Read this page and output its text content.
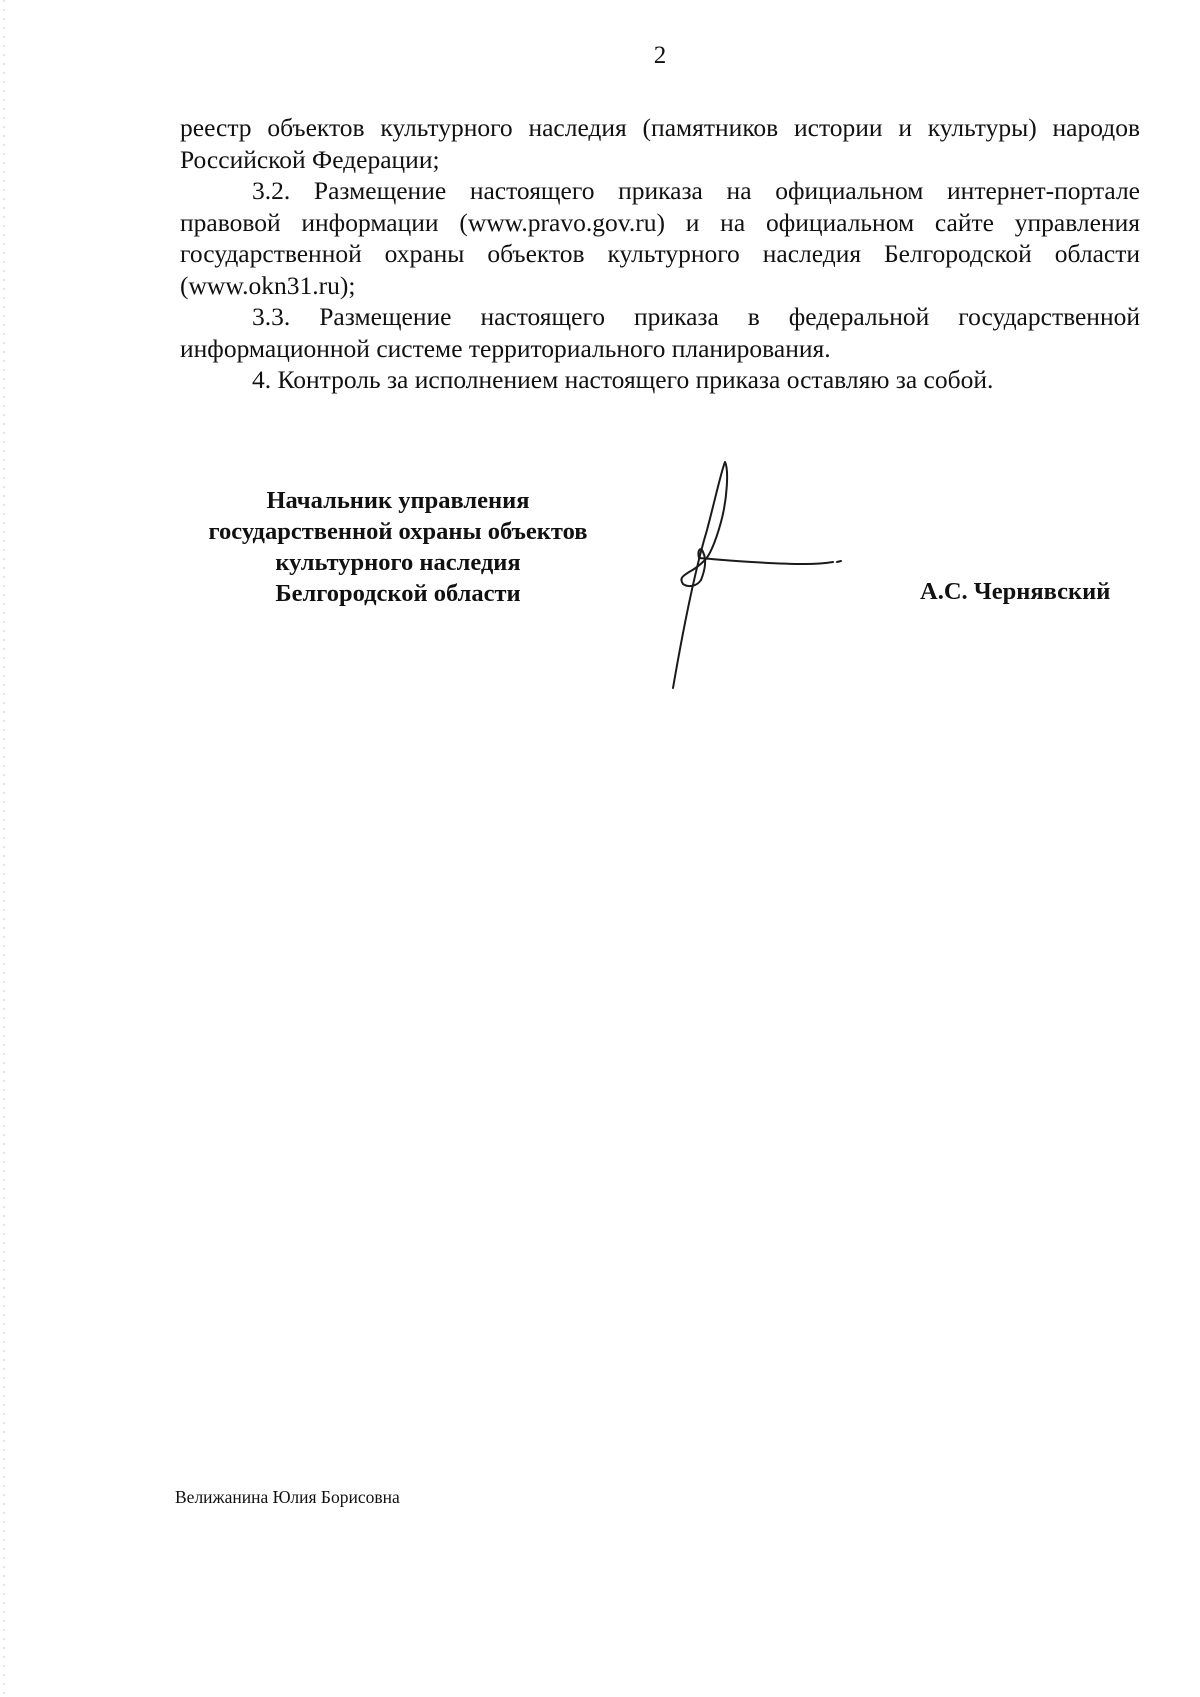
2

реестр объектов культурного наследия (памятников истории и культуры) народов Российской Федерации;

3.2. Размещение настоящего приказа на официальном интернет-портале правовой информации (www.pravo.gov.ru) и на официальном сайте управления государственной охраны объектов культурного наследия Белгородской области (www.okn31.ru);

3.3. Размещение настоящего приказа в федеральной государственной информационной системе территориального планирования.

4. Контроль за исполнением настоящего приказа оставляю за собой.

Начальник управления
государственной охраны объектов
культурного наследия
Белгородской области	А.С. Чернявский
Велижанина Юлия Борисовна
